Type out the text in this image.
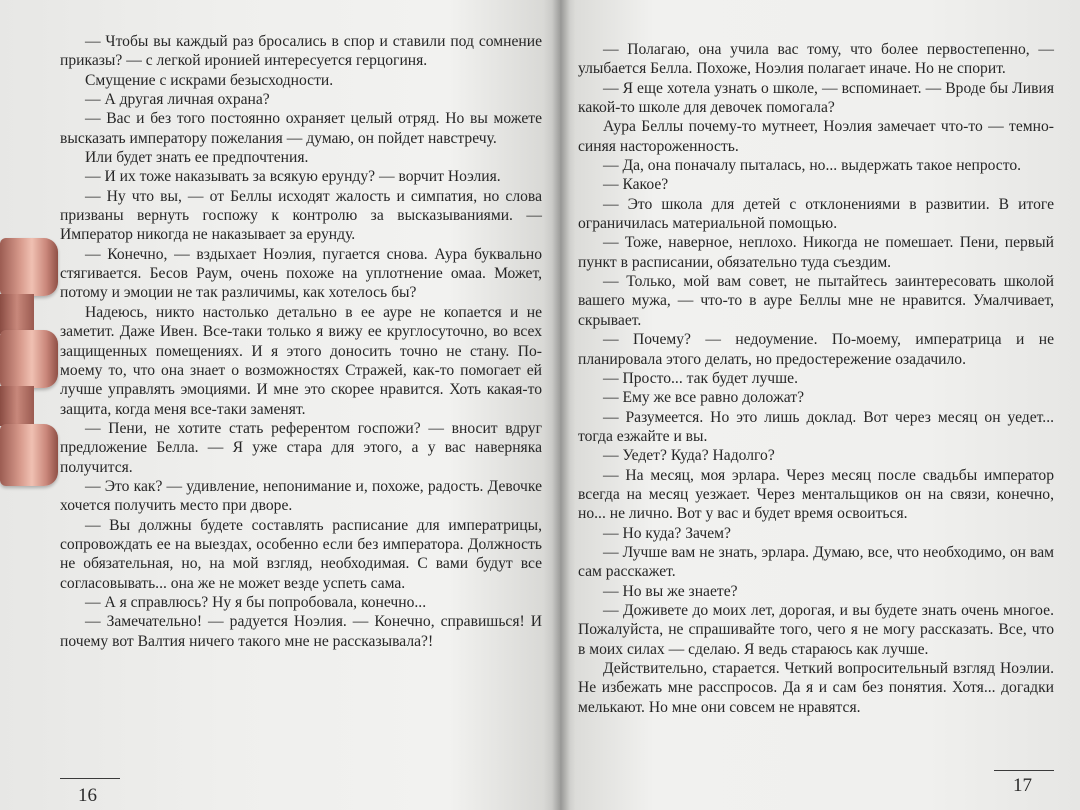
— Чтобы вы каждый раз бросались в спор и ставили под сомнение приказы? — с легкой иронией интересуется герцогиня.

Смущение с искрами безысходности.

— А другая личная охрана?

— Вас и без того постоянно охраняет целый отряд. Но вы можете высказать императору пожелания — думаю, он пойдет навстречу.

Или будет знать ее предпочтения.

— И их тоже наказывать за всякую ерунду? — ворчит Ноэлия.

— Ну что вы, — от Беллы исходят жалость и симпатия, но слова призваны вернуть госпожу к контролю за высказываниями. — Император никогда не наказывает за ерунду.

— Конечно, — вздыхает Ноэлия, пугается снова. Аура буквально стягивается. Бесов Раум, очень похоже на уплотнение омаа. Может, потому и эмоции не так различимы, как хотелось бы?

Надеюсь, никто настолько детально в ее ауре не копается и не заметит. Даже Ивен. Все-таки только я вижу ее круглосуточно, во всех защищенных помещениях. И я этого доносить точно не стану. По-моему то, что она знает о возможностях Стражей, как-то помогает ей лучше управлять эмоциями. И мне это скорее нравится. Хоть какая-то защита, когда меня все-таки заменят.

— Пени, не хотите стать референтом госпожи? — вносит вдруг предложение Белла. — Я уже стара для этого, а у вас наверняка получится.

— Это как? — удивление, непонимание и, похоже, радость. Девочке хочется получить место при дворе.

— Вы должны будете составлять расписание для императрицы, сопровождать ее на выездах, особенно если без императора. Должность не обязательная, но, на мой взгляд, необходимая. С вами будут все согласовывать... она же не может везде успеть сама.

— А я справлюсь? Ну я бы попробовала, конечно...

— Замечательно! — радуется Ноэлия. — Конечно, справишься! И почему вот Валтия ничего такого мне не рассказывала?!

16

— Полагаю, она учила вас тому, что более первостепенно, — улыбается Белла. Похоже, Ноэлия полагает иначе. Но не спорит.

— Я еще хотела узнать о школе, — вспоминает. — Вроде бы Ливия какой-то школе для девочек помогала?

Аура Беллы почему-то мутнеет, Ноэлия замечает что-то — темно-синяя настороженность.

— Да, она поначалу пыталась, но... выдержать такое непросто.

— Какое?

— Это школа для детей с отклонениями в развитии. В итоге ограничилась материальной помощью.

— Тоже, наверное, неплохо. Никогда не помешает. Пени, первый пункт в расписании, обязательно туда съездим.

— Только, мой вам совет, не пытайтесь заинтересовать школой вашего мужа, — что-то в ауре Беллы мне не нравится. Умалчивает, скрывает.

— Почему? — недоумение. По-моему, императрица и не планировала этого делать, но предостережение озадачило.

— Просто... так будет лучше.

— Ему же все равно доложат?

— Разумеется. Но это лишь доклад. Вот через месяц он уедет... тогда езжайте и вы.

— Уедет? Куда? Надолго?

— На месяц, моя эрлара. Через месяц после свадьбы император всегда на месяц уезжает. Через ментальщиков он на связи, конечно, но... не лично. Вот у вас и будет время освоиться.

— Но куда? Зачем?

— Лучше вам не знать, эрлара. Думаю, все, что необходимо, он вам сам расскажет.

— Но вы же знаете?

— Доживете до моих лет, дорогая, и вы будете знать очень многое. Пожалуйста, не спрашивайте того, чего я не могу рассказать. Все, что в моих силах — сделаю. Я ведь стараюсь как лучше.

Действительно, старается. Четкий вопросительный взгляд Ноэлии. Не избежать мне расспросов. Да я и сам без понятия. Хотя... догадки мелькают. Но мне они совсем не нравятся.

17
